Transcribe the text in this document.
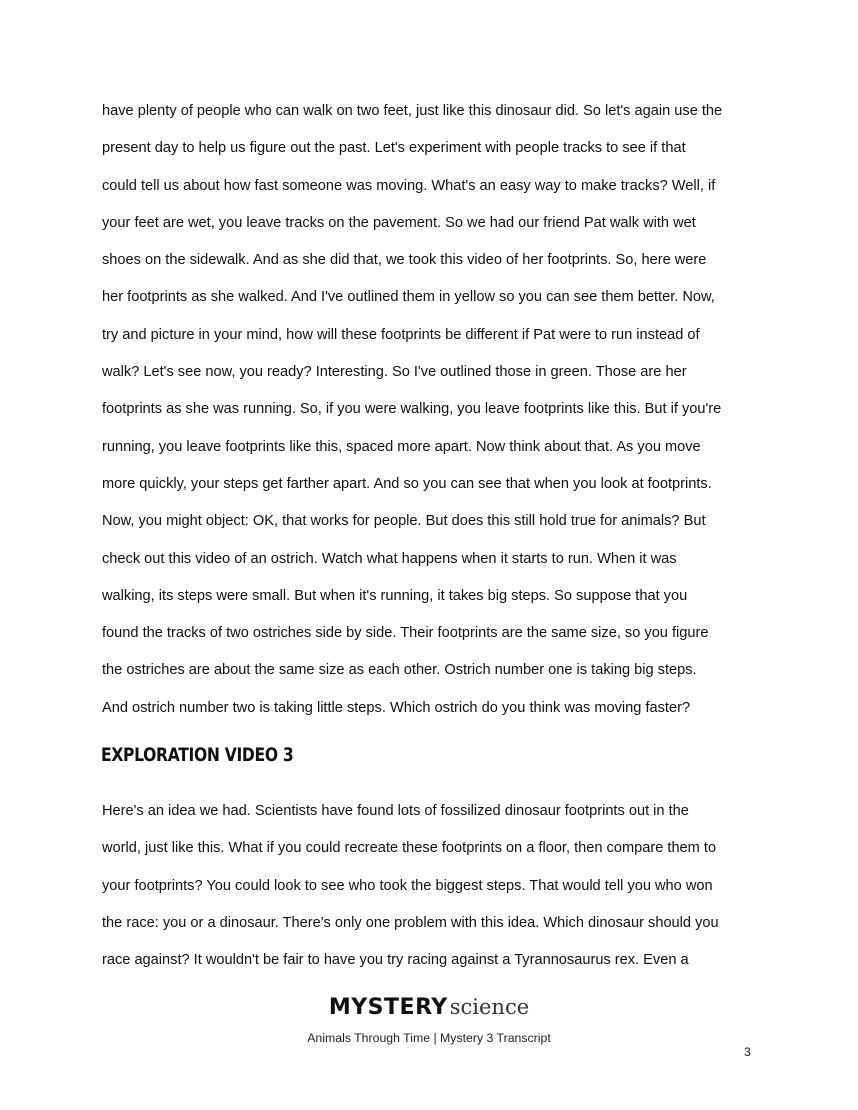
have plenty of people who can walk on two feet, just like this dinosaur did. So let's again use the
present day to help us figure out the past. Let's experiment with people tracks to see if that
could tell us about how fast someone was moving. What's an easy way to make tracks? Well, if
your feet are wet, you leave tracks on the pavement. So we had our friend Pat walk with wet
shoes on the sidewalk. And as she did that, we took this video of her footprints. So, here were
her footprints as she walked. And I've outlined them in yellow so you can see them better. Now,
try and picture in your mind, how will these footprints be different if Pat were to run instead of
walk? Let's see now, you ready? Interesting. So I've outlined those in green. Those are her
footprints as she was running. So, if you were walking, you leave footprints like this. But if you're
running, you leave footprints like this, spaced more apart. Now think about that. As you move
more quickly, your steps get farther apart. And so you can see that when you look at footprints.
Now, you might object: OK, that works for people. But does this still hold true for animals? But
check out this video of an ostrich. Watch what happens when it starts to run. When it was
walking, its steps were small. But when it's running, it takes big steps. So suppose that you
found the tracks of two ostriches side by side. Their footprints are the same size, so you figure
the ostriches are about the same size as each other. Ostrich number one is taking big steps.
And ostrich number two is taking little steps. Which ostrich do you think was moving faster?
EXPLORATION VIDEO 3
Here's an idea we had. Scientists have found lots of fossilized dinosaur footprints out in the
world, just like this. What if you could recreate these footprints on a floor, then compare them to
your footprints? You could look to see who took the biggest steps. That would tell you who won
the race: you or a dinosaur. There's only one problem with this idea. Which dinosaur should you
race against? It wouldn't be fair to have you try racing against a Tyrannosaurus rex. Even a
MYSTERYscience
Animals Through Time | Mystery 3 Transcript
3
